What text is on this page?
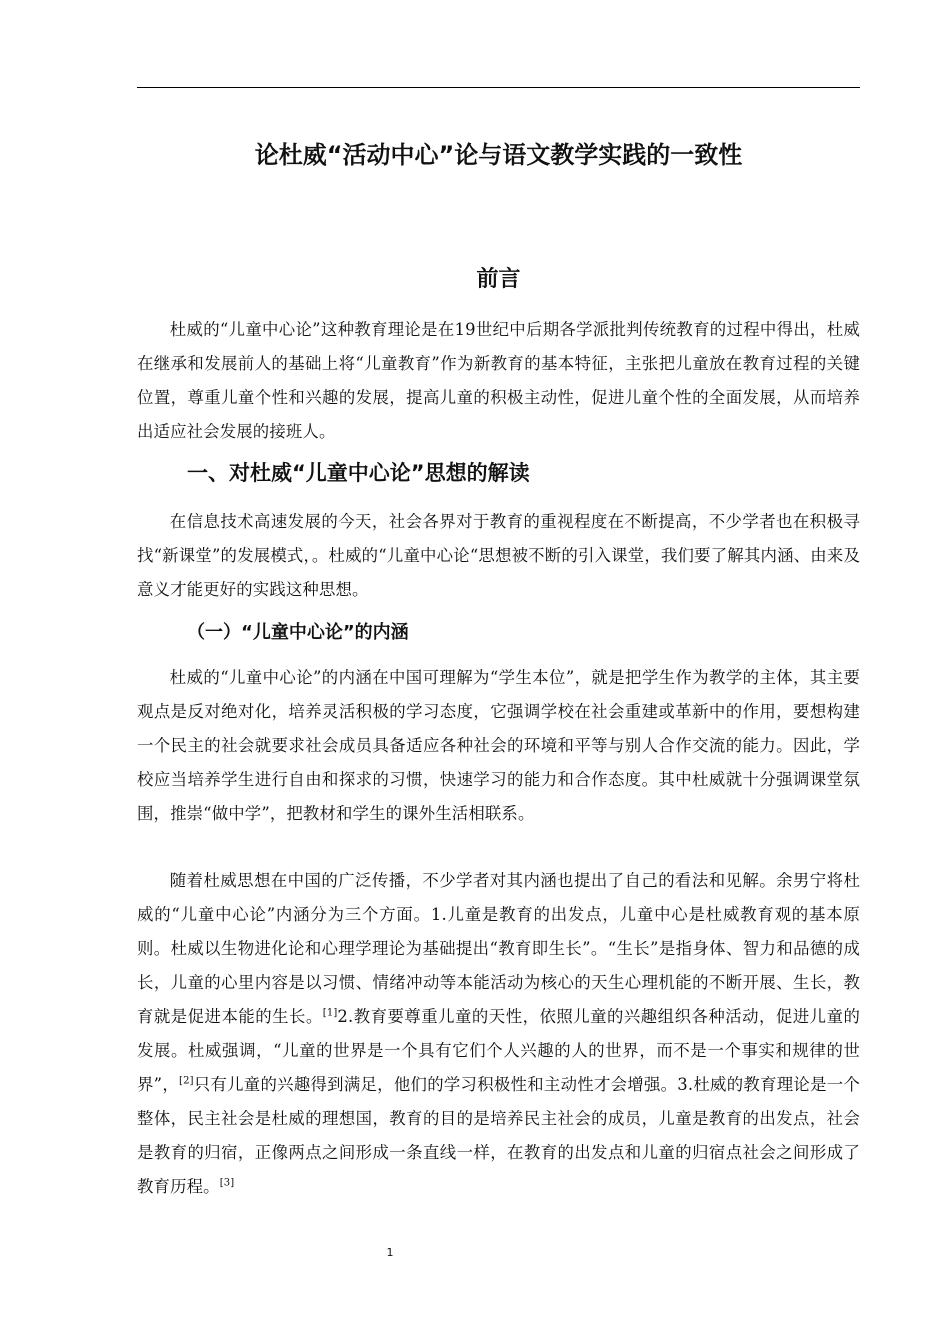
论杜威“活动中心”论与语文教学实践的一致性
前言

杜威的“儿童中心论”这种教育理论是在19世纪中后期各学派批判传统教育的过程中得出，杜威在继承和发展前人的基础上将“儿童教育”作为新教育的基本特征，主张把儿童放在教育过程的关键位置，尊重儿童个性和兴趣的发展，提高儿童的积极主动性，促进儿童个性的全面发展，从而培养出适应社会发展的接班人。

一、对杜威“儿童中心论”思想的解读

在信息技术高速发展的今天，社会各界对于教育的重视程度在不断提高，不少学者也在积极寻找“新课堂”的发展模式，。杜威的“儿童中心论“思想被不断的引入课堂，我们要了解其内涵、由来及意义才能更好的实践这种思想。

（一）“儿童中心论”的内涵

杜威的“儿童中心论”的内涵在中国可理解为“学生本位”，就是把学生作为教学的主体，其主要观点是反对绝对化，培养灵活积极的学习态度，它强调学校在社会重建或革新中的作用，要想构建一个民主的社会就要求社会成员具备适应各种社会的环境和平等与别人合作交流的能力。因此，学校应当培养学生进行自由和探求的习惯，快速学习的能力和合作态度。其中杜威就十分强调课堂氛围，推崇“做中学”，把教材和学生的课外生活相联系。

随着杜威思想在中国的广泛传播，不少学者对其内涵也提出了自己的看法和见解。余男宁将杜威的“儿童中心论”内涵分为三个方面。1.儿童是教育的出发点，儿童中心是杜威教育观的基本原则。杜威以生物进化论和心理学理论为基础提出“教育即生长”。“生长”是指身体、智力和品德的成长，儿童的心里内容是以习惯、情绪冲动等本能活动为核心的天生心理机能的不断开展、生长，教育就是促进本能的生长。[1]2.教育要尊重儿童的天性，依照儿童的兴趣组织各种活动，促进儿童的发展。杜威强调，“儿童的世界是一个具有它们个人兴趣的人的世界，而不是一个事实和规律的世界”，[2]只有儿童的兴趣得到满足，他们的学习积极性和主动性才会增强。3.杜威的教育理论是一个整体，民主社会是杜威的理想国，教育的目的是培养民主社会的成员，儿童是教育的出发点，社会是教育的归宿，正像两点之间形成一条直线一样，在教育的出发点和儿童的归宿点社会之间形成了教育历程。[3]

1
